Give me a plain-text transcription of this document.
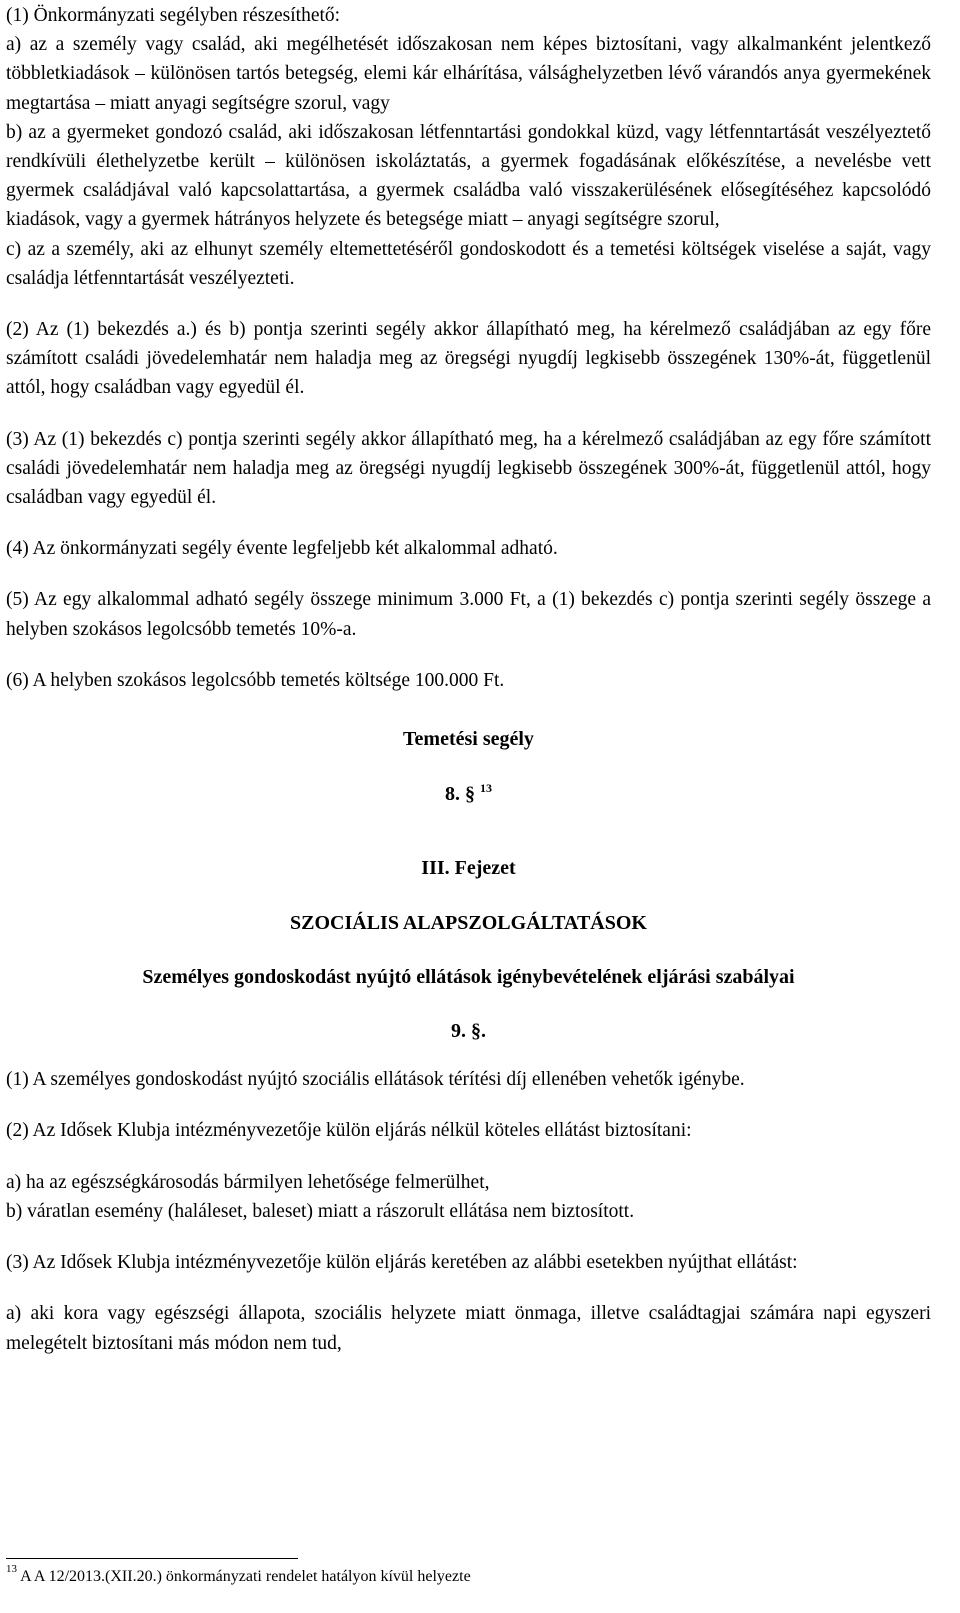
(1) Önkormányzati segélyben részesíthető:

a) az a személy vagy család, aki megélhetését időszakosan nem képes biztosítani, vagy alkalmanként jelentkező többletkiadások – különösen tartós betegség, elemi kár elhárítása, válsághelyzetben lévő várandós anya gyermekének megtartása – miatt anyagi segítségre szorul, vagy

b) az a gyermeket gondozó család, aki időszakosan létfenntartási gondokkal küzd, vagy létfenntartását veszélyeztető rendkívüli élethelyzetbe került – különösen iskoláztatás, a gyermek fogadásának előkészítése, a nevelésbe vett gyermek családjával való kapcsolattartása, a gyermek családba való visszakerülésének elősegítéséhez kapcsolódó kiadások, vagy a gyermek hátrányos helyzete és betegsége miatt – anyagi segítségre szorul,

c) az a személy, aki az elhunyt személy eltemettetéséről gondoskodott és a temetési költségek viselése a saját, vagy családja létfenntartását veszélyezteti.

(2) Az (1) bekezdés a.) és b) pontja szerinti segély akkor állapítható meg, ha kérelmező családjában az egy főre számított családi jövedelemhatár nem haladja meg az öregségi nyugdíj legkisebb összegének 130%-át, függetlenül attól, hogy családban vagy egyedül él.

(3) Az (1) bekezdés c) pontja szerinti segély akkor állapítható meg, ha a kérelmező családjában az egy főre számított családi jövedelemhatár nem haladja meg az öregségi nyugdíj legkisebb összegének 300%-át, függetlenül attól, hogy családban vagy egyedül él.

(4) Az önkormányzati segély évente legfeljebb két alkalommal adható.

(5) Az egy alkalommal adható segély összege minimum 3.000 Ft, a (1) bekezdés c) pontja szerinti segély összege a helyben szokásos legolcsóbb temetés 10%-a.

(6) A helyben szokásos legolcsóbb temetés költsége 100.000 Ft.

Temetési segély

8. § $^{13}$

III. Fejezet

SZOCIÁLIS ALAPSZOLGÁLTATÁSOK

Személyes gondoskodást nyújtó ellátások igénybevételének eljárási szabályai

9. §.

(1) A személyes gondoskodást nyújtó szociális ellátások térítési díj ellenében vehetők igénybe.

(2) Az Idősek Klubja intézményvezetője külön eljárás nélkül köteles ellátást biztosítani:

a) ha az egészségkárosodás bármilyen lehetősége felmerülhet,

b) váratlan esemény (haláleset, baleset) miatt a rászorult ellátása nem biztosított.

(3) Az Idősek Klubja intézményvezetője külön eljárás keretében az alábbi esetekben nyújthat ellátást:

a) aki kora vagy egészségi állapota, szociális helyzete miatt önmaga, illetve családtagjai számára napi egyszeri melegételt biztosítani más módon nem tud,

$^{13}$ A A 12/2013.(XII.20.) önkormányzati rendelet hatályon kívül helyezte
